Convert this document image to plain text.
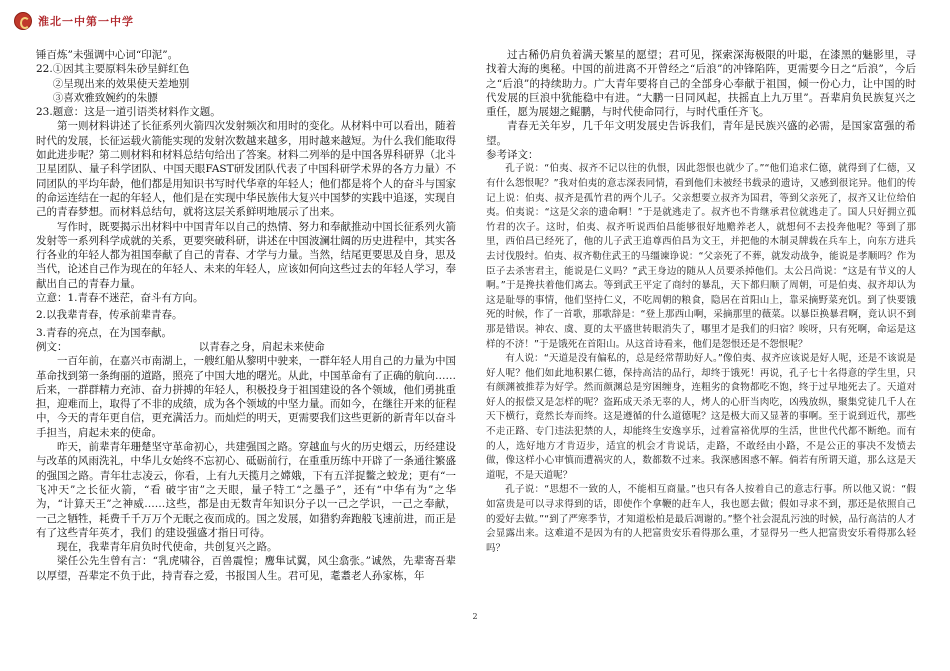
淮北一中第一中学

锤百炼”未强调中心词“印泥”。

22.①因其主要原料朱砂呈鲜红色

②呈现出来的效果使天差地别

③喜欢雅致婉约的朱膘

23.题意：这是一道引语类材料作文题。

第一则材料讲述了长征系列火箭四次发射频次和用时的变化。从材料中可以看出，随着时代的发展，长征运载火箭能实现的发射次数越来越多，用时越来越短。为什么我们能取得如此进步呢？第二则材料和材料总结句给出了答案。材料二列举的是中国各界科研界（北斗卫星团队、量子科学团队、中国天眼FAST研发团队代表了中国科研学术界的各方力量）不同团队的平均年龄，他们都是用知识书写时代华章的年轻人；他们都是将个人的奋斗与国家的命运连结在一起的年轻人，他们是在实现中华民族伟大复兴中国梦的实践中追逐，实现自己的青春梦想。而材料总结句，就将这层关系鲜明地展示了出来。

写作时，既要揭示出材料中中国青年以自己的热情、努力和奉献推动中国长征系列火箭发射等一系列科学成就的关系，更要突破科研，讲述在中国波澜壮阔的历史进程中，其实各行各业的年轻人都为祖国奉献了自己的青春、才学与力量。当然，结尾更要思及自身，思及当代，论述自己作为现在的年轻人、未来的年轻人，应该如何向这些过去的年轻人学习，奉献出自己的青春力量。

立意：1.青春不迷茫，奋斗有方向。

2.以我辈青春，传承前辈青春。

3.青春的亮点，在为国奉献。

例文：	以青春之身，肩起未来使命

一百年前，在嘉兴市南湖上，一艘红船从黎明中驶来，一群年轻人用自己的力量为中国革命找到第一条绚丽的道路，照亮了中国大地的曙光。从此，中国革命有了正确的航向……后来，一群群精力充沛、奋力拼搏的年轻人，积极投身于祖国建设的各个领域，他们勇挑重担，迎难而上，取得了不非的成绩，成为各个领域的中坚力量。而如今，在继往开来的征程中，今天的青年更自信，更充满活力。而灿烂的明天，更需要我们这些更新的新青年以奋斗手担当，肩起未来的使命。

昨天，前辈青年珊楚坚守革命初心，共建强国之路。穿越血与火的历史烟云，历经建设与改革的风雨洗礼，中华儿女始终不忘初心、砥砺前行，在重重历练中开辟了一条通往繁盛的强国之路。青年壮志凌云，你看，上有九天揽月之嫦娥，下有五洋捉鳖之蛟龙；更有“一飞冲天”之长征火箭，“看 破宇宙”之天眼，量子特工“之墨子”，还有“中华有为”之华为，“计算天王”之神威……这些，都是由无数青年知识分子以一己之学识，一己之奉献，一己之牺牲，耗费千千万万个无眠之夜而成的。国之发展，如猎豹奔跑般飞速前进，而正是有了这些青年英才，我们 的建设强盛才指日可待。

现在，我辈青年肩负时代使命，共创复兴之路。

梁任公先生曾有言：“乳虎啸谷，百兽震惶；鹰隼试翼，风尘翕张。”诚然，先辈寄吾辈以厚望，吾辈定不负于此，持青春之爱，书报国人生。君可见，耄耋老人孙家栋，年

过古稀仍肩负着满天繁星的愿望；君可见，探索深海极限的叶聪，在漆黑的魅影里，寻找着大海的奥秘。中国的前进离不开曾经之“后浪”的冲锋陷阵，更需要今日之“后浪”，今后之“后浪”的持续助力。广大青年要将自己的全部身心奉献于祖国，倾一份心力，让中国的时代发展的巨浪中犹能稳中有进。“大鹏一日同风起，扶摇直上九万里”。吾辈肩负民族复兴之重任，愿为展翅之鲲鹏，与时代使命同行，与时代重任齐飞。

青春无关年岁，几千年文明发展史告诉我们，青年是民族兴盛的必需，是国家富强的希望。

参考译文：

孔子说：“伯夷、叔齐不记以往的仇恨，因此怨恨也就少了。”“他们追求仁德，就得到了仁德，又有什么怨恨呢？”我对伯夷的意志深表同情，看到他们未被经书载录的遗诗，又感到很诧异。他们的传记上说：伯夷、叔齐是孤竹君的两个儿子。父亲想要立叔齐为国君，等到父亲死了，叔齐又让位给伯夷。伯夷说：“这是父亲的遗命啊！”于是就逃走了。叔齐也不肯继承君位就逃走了。国人只好拥立孤竹君的次子。这时，伯夷、叔齐听说西伯昌能够很好地赡养老人，就想何不去投奔他呢？等到了那里，西伯昌已经死了，他的儿子武王追尊西伯昌为文王，并把他的木制灵牌载在兵车上，向东方进兵去讨伐殷纣。伯夷、叔齐勒住武王的马缰谏诤说：“父亲死了不葬，就发动战争，能说是孝顺吗？作为臣子去杀害君主，能说是仁义吗？”武王身边的随从人员要杀掉他们。太公吕尚说：“这是有节义的人啊。”于是搀扶着他们离去。等到武王平定了商纣的暴乱，天下都归顺了周朝，可是伯夷、叔齐却认为这是耻辱的事情，他们坚持仁义，不吃周朝的粮食，隐居在首阳山上，靠采摘野菜充饥。到了快要饿死的时候，作了一首歌，那歌辞是：“登上那西山啊，采摘那里的薇菜。以暴臣换暴君啊，竟认识不到那是错误。神农、虞、夏的太平盛世转眼消失了，哪里才是我们的归宿？唉呀，只有死啊，命运是这样的不济！”于是饿死在首阳山。从这首诗看来，他们是怨恨还是不怨恨呢？

有人说：“天道是没有偏私的，总是经常帮助好人。”像伯夷、叔齐应该说是好人呢，还是不该说是好人呢？他们如此地积累仁德，保持高洁的品行，却终于饿死！再说，孔子七十名得意的学生里，只有颜渊被推荐为好学。然而颜渊总是穷困缠身，连粗劣的食物都吃不饱，终于过早地死去了。天道对好人的报偿又是怎样的呢？盗跖成天杀无辜的人，烤人的心肝当肉吃，凶残放纵，聚集党徒几千人在天下横行，竟然长寿而终。这是遵循的什么道德呢？这是极大而又显著的事啊。至于说到近代，那些不走正路、专门违法犯禁的人，却能终生安逸享乐，过着富裕优厚的生活，世世代代都不断绝。而有的人，选好地方才肯迈步，适宜的机会才肯说话，走路，不敢经由小路，不是公正的事决不发愤去做，像这样小心审慎而遭祸灾的人，数都数不过来。我深感困惑不解。倘若有所谓天道，那么这是天道呢，不是天道呢？

孔子说：“思想不一致的人，不能相互商量。”也只有各人按着自己的意志行事。所以他又说：“假如富贵是可以寻求得到的话，即使作个拿鞭的赶车人，我也愿去做；假如寻求不到，那还是依照自己的爱好去做。”“到了严寒季节，才知道松柏是最后凋谢的。”整个社会混乱污浊的时候，品行高洁的人才会显露出来。这难道不是因为有的人把富贵安乐看得那么重，才显得另一些人把富贵安乐看得那么轻吗？

2
